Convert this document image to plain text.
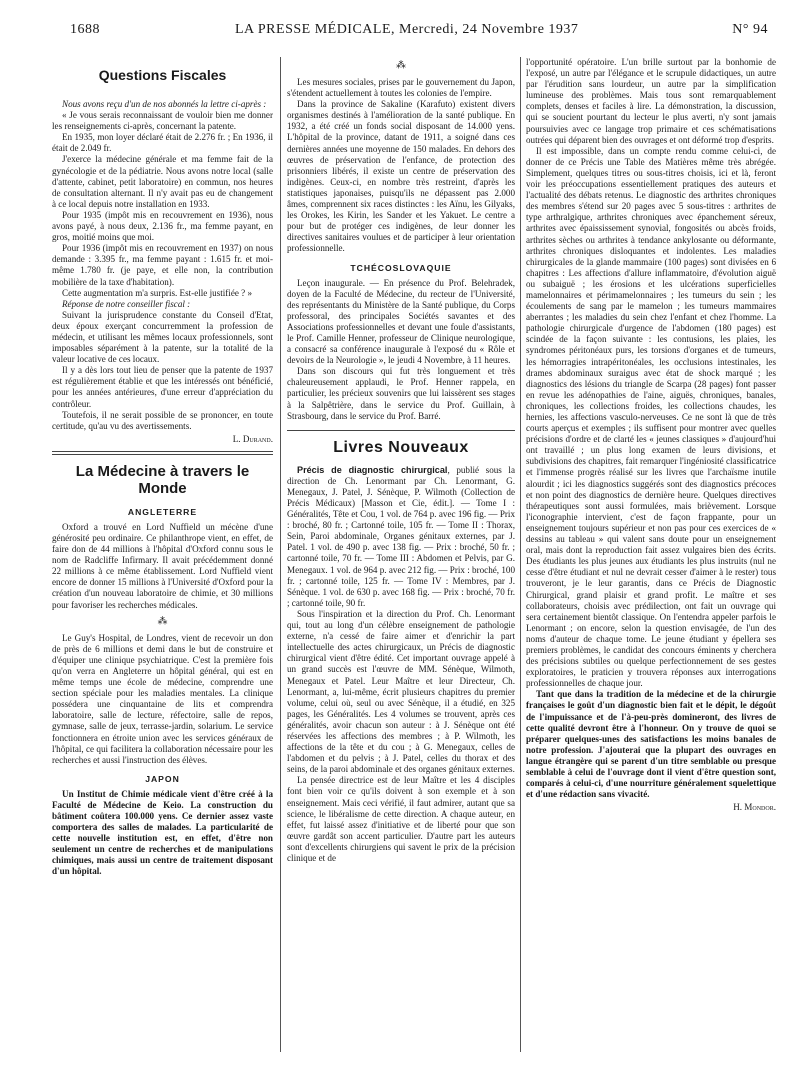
1688	LA PRESSE MÉDICALE, Mercredi, 24 Novembre 1937	N° 94
Questions Fiscales

Nous avons reçu d'un de nos abonnés la lettre ci-après :

« Je vous serais reconnaissant de vouloir bien me donner les renseignements ci-après, concernant la patente.

En 1935, mon loyer déclaré était de 2.276 fr. ; En 1936, il était de 2.049 fr.

J'exerce la médecine générale et ma femme fait de la gynécologie et de la pédiatrie. Nous avons notre local (salle d'attente, cabinet, petit laboratoire) en commun, nos heures de consultation alternant. Il n'y avait pas eu de changement à ce local depuis notre installation en 1933.

Pour 1935 (impôt mis en recouvrement en 1936), nous avons payé, à nous deux, 2.136 fr., ma femme payant, en gros, moitié moins que moi.

Pour 1936 (impôt mis en recouvrement en 1937) on nous demande : 3.395 fr., ma femme payant : 1.615 fr. et moi-même 1.780 fr. (je paye, et elle non, la contribution mobilière de la taxe d'habitation).

Cette augmentation m'a surpris. Est-elle justifiée ? »

Réponse de notre conseiller fiscal :

Suivant la jurisprudence constante du Conseil d'Etat, deux époux exerçant concurremment la profession de médecin, et utilisant les mêmes locaux professionnels, sont imposables séparément à la patente, sur la totalité de la valeur locative de ces locaux.

Il y a dès lors tout lieu de penser que la patente de 1937 est régulièrement établie et que les intéressés ont bénéficié, pour les années antérieures, d'une erreur d'appréciation du contrôleur.

Toutefois, il ne serait possible de se prononcer, en toute certitude, qu'au vu des avertissements.

L. Durand.

La Médecine à travers le Monde
ANGLETERRE

Oxford a trouvé en Lord Nuffield un mécène d'une générosité peu ordinaire. Ce philanthrope vient, en effet, de faire don de 44 millions à l'hôpital d'Oxford connu sous le nom de Radcliffe Infirmary. Il avait précédemment donné 22 millions à ce même établissement. Lord Nuffield vient encore de donner 15 millions à l'Université d'Oxford pour la création d'un nouveau laboratoire de chimie, et 30 millions pour favoriser les recherches médicales.

⁂

Le Guy's Hospital, de Londres, vient de recevoir un don de près de 6 millions et demi dans le but de construire et d'équiper une clinique psychiatrique. C'est la première fois qu'on verra en Angleterre un hôpital général, qui est en même temps une école de médecine, comprendre une section spéciale pour les maladies mentales. La clinique possédera une cinquantaine de lits et comprendra laboratoire, salle de lecture, réfectoire, salle de repos, gymnase, salle de jeux, terrasse-jardin, solarium. Le service fonctionnera en étroite union avec les services généraux de l'hôpital, ce qui facilitera la collaboration nécessaire pour les recherches et aussi l'instruction des élèves.

JAPON

Un Institut de Chimie médicale vient d'être créé à la Faculté de Médecine de Keio. La construction du bâtiment coûtera 100.000 yens. Ce dernier assez vaste comportera des salles de malades. La particularité de cette nouvelle institution est, en effet, d'être non seulement un centre de recherches et de manipulations chimiques, mais aussi un centre de traitement disposant d'un hôpital.

⁂

Les mesures sociales, prises par le gouvernement du Japon, s'étendent actuellement à toutes les colonies de l'empire.

Dans la province de Sakaline (Karafuto) existent divers organismes destinés à l'amélioration de la santé publique. En 1932, a été créé un fonds social disposant de 14.000 yens. L'hôpital de la province, datant de 1911, a soigné dans ces dernières années une moyenne de 150 malades. En dehors des œuvres de préservation de l'enfance, de protection des prisonniers libérés, il existe un centre de préservation des indigènes. Ceux-ci, en nombre très restreint, d'après les statistiques japonaises, puisqu'ils ne dépassent pas 2.000 âmes, comprennent six races distinctes : les Aïnu, les Gilyaks, les Orokes, les Kirin, les Sander et les Yakuet. Le centre a pour but de protéger ces indigènes, de leur donner les directives sanitaires voulues et de participer à leur orientation professionnelle.

TCHÉCOSLOVAQUIE

Leçon inaugurale. — En présence du Prof. Belehradek, doyen de la Faculté de Médecine, du recteur de l'Université, des représentants du Ministère de la Santé publique, du Corps professoral, des principales Sociétés savantes et des Associations professionnelles et devant une foule d'assistants, le Prof. Camille Henner, professeur de Clinique neurologique, a consacré sa conférence inaugurale à l'exposé du « Rôle et devoirs de la Neurologie », le jeudi 4 Novembre, à 11 heures.

Dans son discours qui fut très longuement et très chaleureusement applaudi, le Prof. Henner rappela, en particulier, les précieux souvenirs que lui laissèrent ses stages à la Salpêtrière, dans le service du Prof. Guillain, à Strasbourg, dans le service du Prof. Barré.

Livres Nouveaux

Précis de diagnostic chirurgical, publié sous la direction de Ch. Lenormant par Ch. Lenormant, G. Menegaux, J. Patel, J. Sénèque, P. Wilmoth (Collection de Précis Médicaux) [Masson et Cie, édit.]. — Tome I : Généralités, Tête et Cou, 1 vol. de 764 p. avec 196 fig. — Prix : broché, 80 fr. ; Cartonné toile, 105 fr. — Tome II : Thorax, Sein, Paroi abdominale, Organes génitaux externes, par J. Patel. 1 vol. de 490 p. avec 138 fig. — Prix : broché, 50 fr. ; cartonné toile, 70 fr. — Tome III : Abdomen et Pelvis, par G. Menegaux. 1 vol. de 964 p. avec 212 fig. — Prix : broché, 100 fr. ; cartonné toile, 125 fr. — Tome IV : Membres, par J. Sénèque. 1 vol. de 630 p. avec 168 fig. — Prix : broché, 70 fr. ; cartonné toile, 90 fr.

Sous l'inspiration et la direction du Prof. Ch. Lenormant qui, tout au long d'un célèbre enseignement de pathologie externe, n'a cessé de faire aimer et d'enrichir la part intellectuelle des actes chirurgicaux, un Précis de diagnostic chirurgical vient d'être édité. Cet important ouvrage appelé à un grand succès est l'œuvre de MM. Sénèque, Wilmoth, Menegaux et Patel. Leur Maître et leur Directeur, Ch. Lenormant, a, lui-même, écrit plusieurs chapitres du premier volume, celui où, seul ou avec Sénèque, il a étudié, en 325 pages, les Généralités. Les 4 volumes se trouvent, après ces généralités, avoir chacun son auteur : à J. Sénèque ont été réservées les affections des membres ; à P. Wilmoth, les affections de la tête et du cou ; à G. Menegaux, celles de l'abdomen et du pelvis ; à J. Patel, celles du thorax et des seins, de la paroi abdominale et des organes génitaux externes.

La pensée directrice est de leur Maître et les 4 disciples font bien voir ce qu'ils doivent à son exemple et à son enseignement. Mais ceci vérifié, il faut admirer, autant que sa science, le libéralisme de cette direction. A chaque auteur, en effet, fut laissé assez d'initiative et de liberté pour que son œuvre gardât son accent particulier. D'autre part les auteurs sont d'excellents chirurgiens qui savent le prix de la précision clinique et de

l'opportunité opératoire. L'un brille surtout par la bonhomie de l'exposé, un autre par l'élégance et le scrupule didactiques, un autre par l'érudition sans lourdeur, un autre par la simplification lumineuse des problèmes. Mais tous sont remarquablement complets, denses et faciles à lire. La démonstration, la discussion, qui se soucient pourtant du lecteur le plus averti, n'y sont jamais poursuivies avec ce langage trop primaire et ces schématisations outrées qui déparent bien des ouvrages et ont déformé trop d'esprits.

Il est impossible, dans un compte rendu comme celui-ci, de donner de ce Précis une Table des Matières même très abrégée. Simplement, quelques titres ou sous-titres choisis, ici et là, feront voir les préoccupations essentiellement pratiques des auteurs et l'actualité des débats retenus. Le diagnostic des arthrites chroniques des membres s'étend sur 20 pages avec 5 sous-titres : arthrites de type arthralgique, arthrites chroniques avec épanchement séreux, arthrites avec épaississement synovial, fongosités ou abcès froids, arthrites sèches ou arthrites à tendance ankylosante ou déformante, arthrites chroniques disloquantes et indolentes. Les maladies chirurgicales de la glande mammaire (100 pages) sont divisées en 6 chapitres : Les affections d'allure inflammatoire, d'évolution aiguë ou subaiguë ; les érosions et les ulcérations superficielles mamelonnaires et périmamelonnaires ; les tumeurs du sein ; les écoulements de sang par le mamelon ; les tumeurs mammaires aberrantes ; les maladies du sein chez l'enfant et chez l'homme. La pathologie chirurgicale d'urgence de l'abdomen (180 pages) est scindée de la façon suivante : les contusions, les plaies, les syndromes péritonéaux purs, les torsions d'organes et de tumeurs, les hémorragies intrapéritonéales, les occlusions intestinales, les drames abdominaux suraigus avec état de shock marqué ; les diagnostics des lésions du triangle de Scarpa (28 pages) font passer en revue les adénopathies de l'aine, aiguës, chroniques, banales, chroniques, les collections froides, les collections chaudes, les hernies, les affections vasculo-nerveuses. Ce ne sont là que de très courts aperçus et exemples ; ils suffisent pour montrer avec quelles précisions d'ordre et de clarté les « jeunes classiques » d'aujourd'hui ont travaillé ; un plus long examen de leurs divisions, et subdivisions des chapitres, fait remarquer l'ingéniosité classificatrice et l'immense progrès réalisé sur les livres que l'archaïsme inutile alourdit ; ici les diagnostics suggérés sont des diagnostics précoces et non point des diagnostics de dernière heure. Quelques directives thérapeutiques sont aussi formulées, mais brièvement. Lorsque l'iconographie intervient, c'est de façon frappante, pour un enseignement toujours supérieur et non pas pour ces exercices de « dessins au tableau » qui valent sans doute pour un enseignement oral, mais dont la reproduction fait assez vulgaires bien des écrits. Des étudiants les plus jeunes aux étudiants les plus instruits (nul ne cesse d'être étudiant et nul ne devrait cesser d'aimer à le rester) tous trouveront, je le leur garantis, dans ce Précis de Diagnostic Chirurgical, grand plaisir et grand profit. Le maître et ses collaborateurs, choisis avec prédilection, ont fait un ouvrage qui sera certainement bientôt classique. On l'entendra appeler parfois le Lenormant ; on encore, selon la question envisagée, de l'un des noms d'auteur de chaque tome. Le jeune étudiant y épellera ses premiers problèmes, le candidat des concours éminents y cherchera des précisions subtiles ou quelque perfectionnement de ses gestes exploratoires, le praticien y trouvera réponses aux interrogations professionnelles de chaque jour.

Tant que dans la tradition de la médecine et de la chirurgie françaises le goût d'un diagnostic bien fait et le dépit, le dégoût de l'impuissance et de l'à-peu-près domineront, des livres de cette qualité devront être à l'honneur. On y trouve de quoi se préparer quelques-unes des satisfactions les moins banales de notre profession. J'ajouterai que la plupart des ouvrages en langue étrangère qui se parent d'un titre semblable ou presque semblable à celui de l'ouvrage dont il vient d'être question sont, comparés à celui-ci, d'une nourriture généralement squelettique et d'une rédaction sans vivacité.

H. Mondor.
